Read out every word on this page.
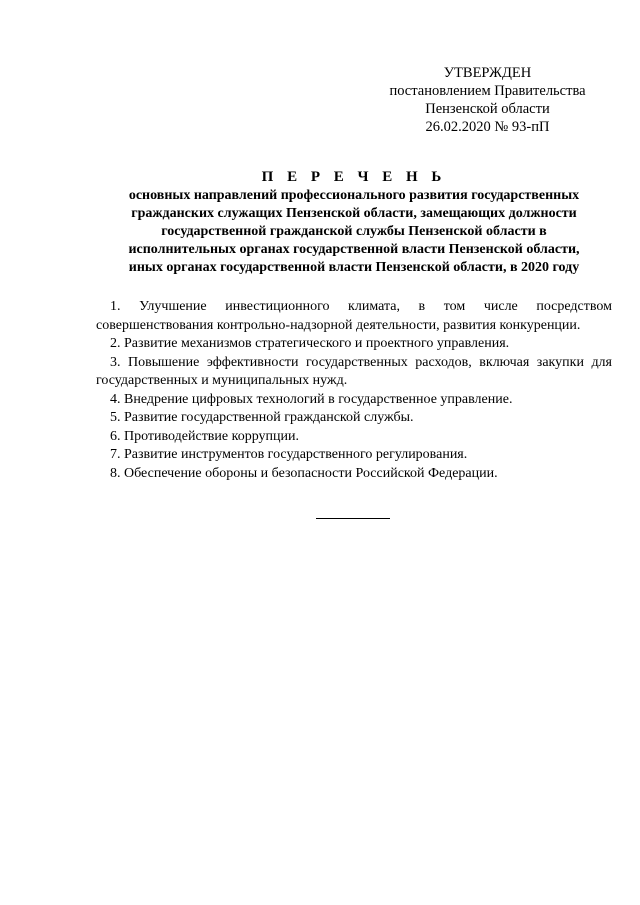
УТВЕРЖДЕН
постановлением Правительства
Пензенской области
26.02.2020 № 93-пП
П Е Р Е Ч Е Н Ь
основных направлений профессионального развития государственных
гражданских служащих Пензенской области, замещающих должности
государственной гражданской службы Пензенской области в
исполнительных органах государственной власти Пензенской области,
иных органах государственной власти Пензенской области, в 2020 году
1. Улучшение инвестиционного климата, в том числе посредством совершенствования контрольно-надзорной деятельности, развития конкуренции.
2. Развитие механизмов стратегического и проектного управления.
3. Повышение эффективности государственных расходов, включая закупки для государственных и муниципальных нужд.
4. Внедрение цифровых технологий в государственное управление.
5. Развитие государственной гражданской службы.
6. Противодействие коррупции.
7. Развитие инструментов государственного регулирования.
8. Обеспечение обороны и безопасности Российской Федерации.
